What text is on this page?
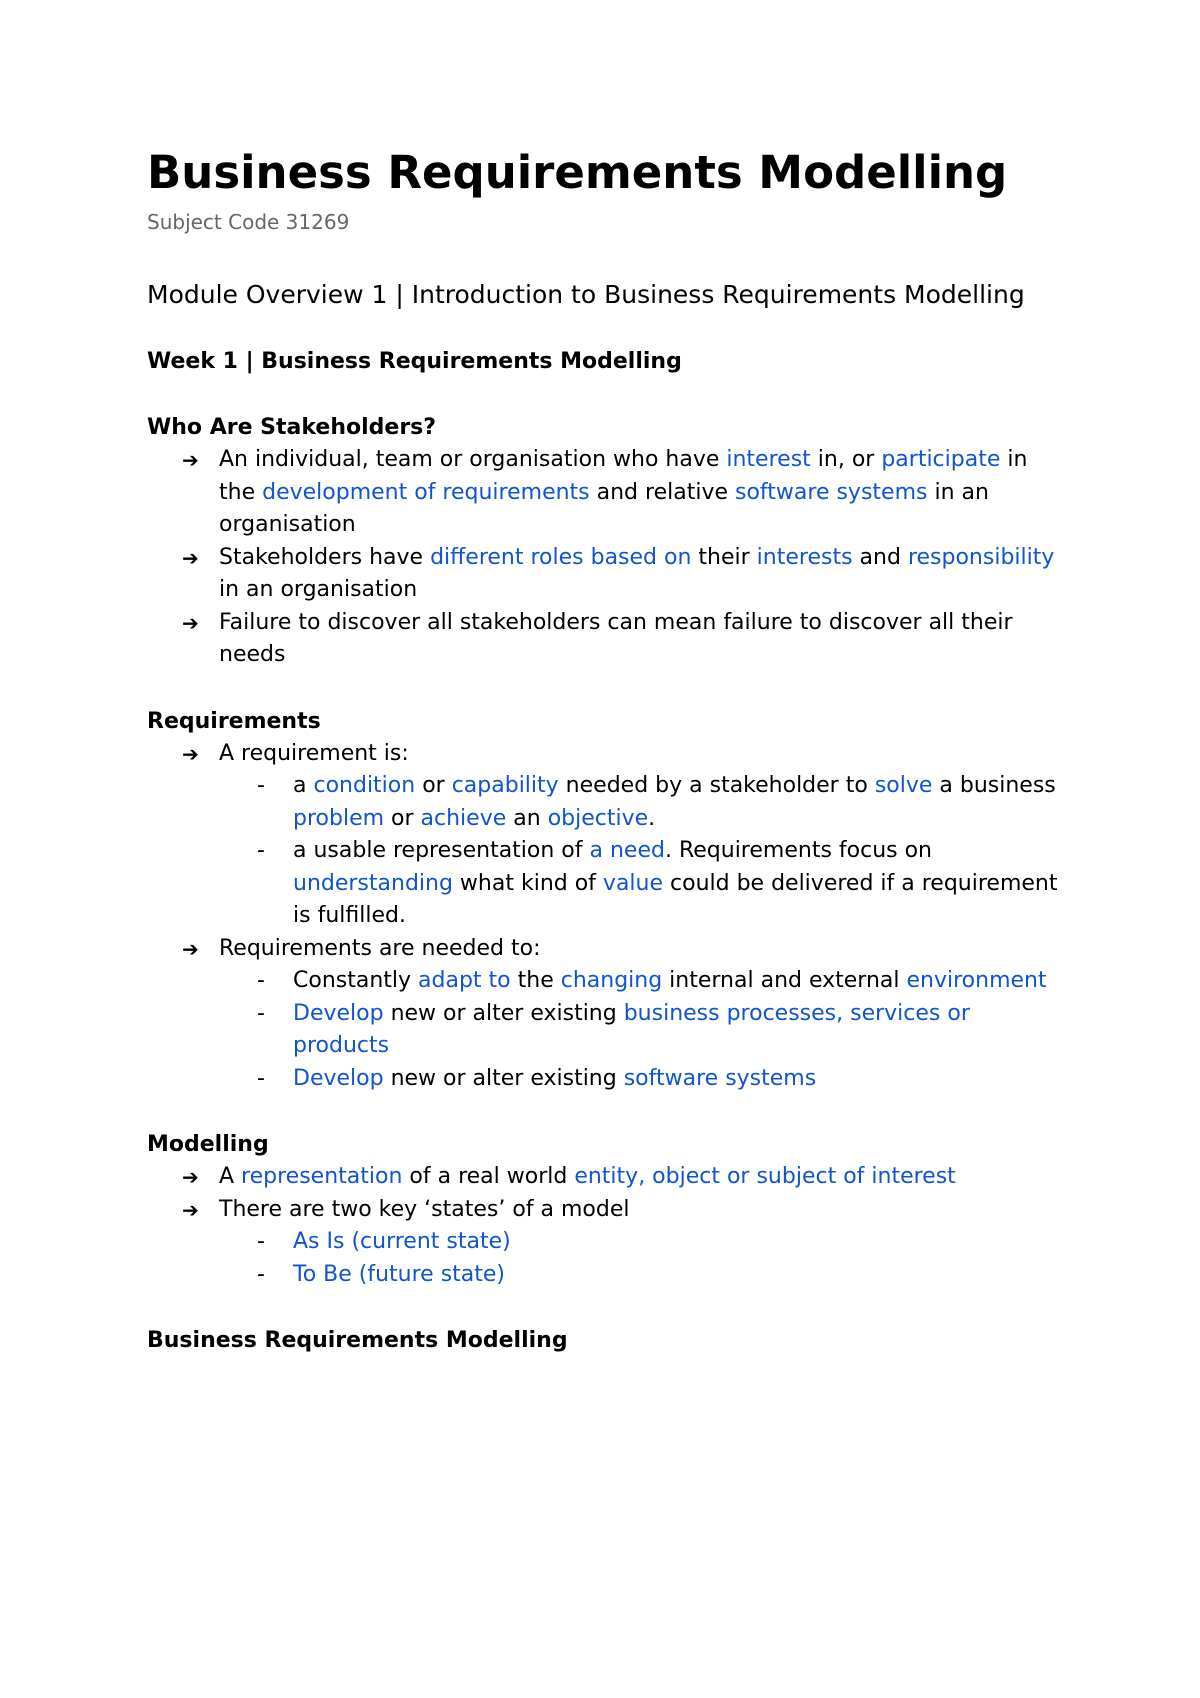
Business Requirements Modelling
Subject Code 31269
Module Overview 1 | Introduction to Business Requirements Modelling
Week 1 | Business Requirements Modelling
Who Are Stakeholders?
➔ An individual, team or organisation who have interest in, or participate in the development of requirements and relative software systems in an organisation
➔ Stakeholders have different roles based on their interests and responsibility in an organisation
➔ Failure to discover all stakeholders can mean failure to discover all their needs
Requirements
➔ A requirement is:
- a condition or capability needed by a stakeholder to solve a business problem or achieve an objective.
- a usable representation of a need. Requirements focus on understanding what kind of value could be delivered if a requirement is fulfilled.
➔ Requirements are needed to:
- Constantly adapt to the changing internal and external environment
- Develop new or alter existing business processes, services or products
- Develop new or alter existing software systems
Modelling
➔ A representation of a real world entity, object or subject of interest
➔ There are two key ‘states’ of a model
- As Is (current state)
- To Be (future state)
Business Requirements Modelling
